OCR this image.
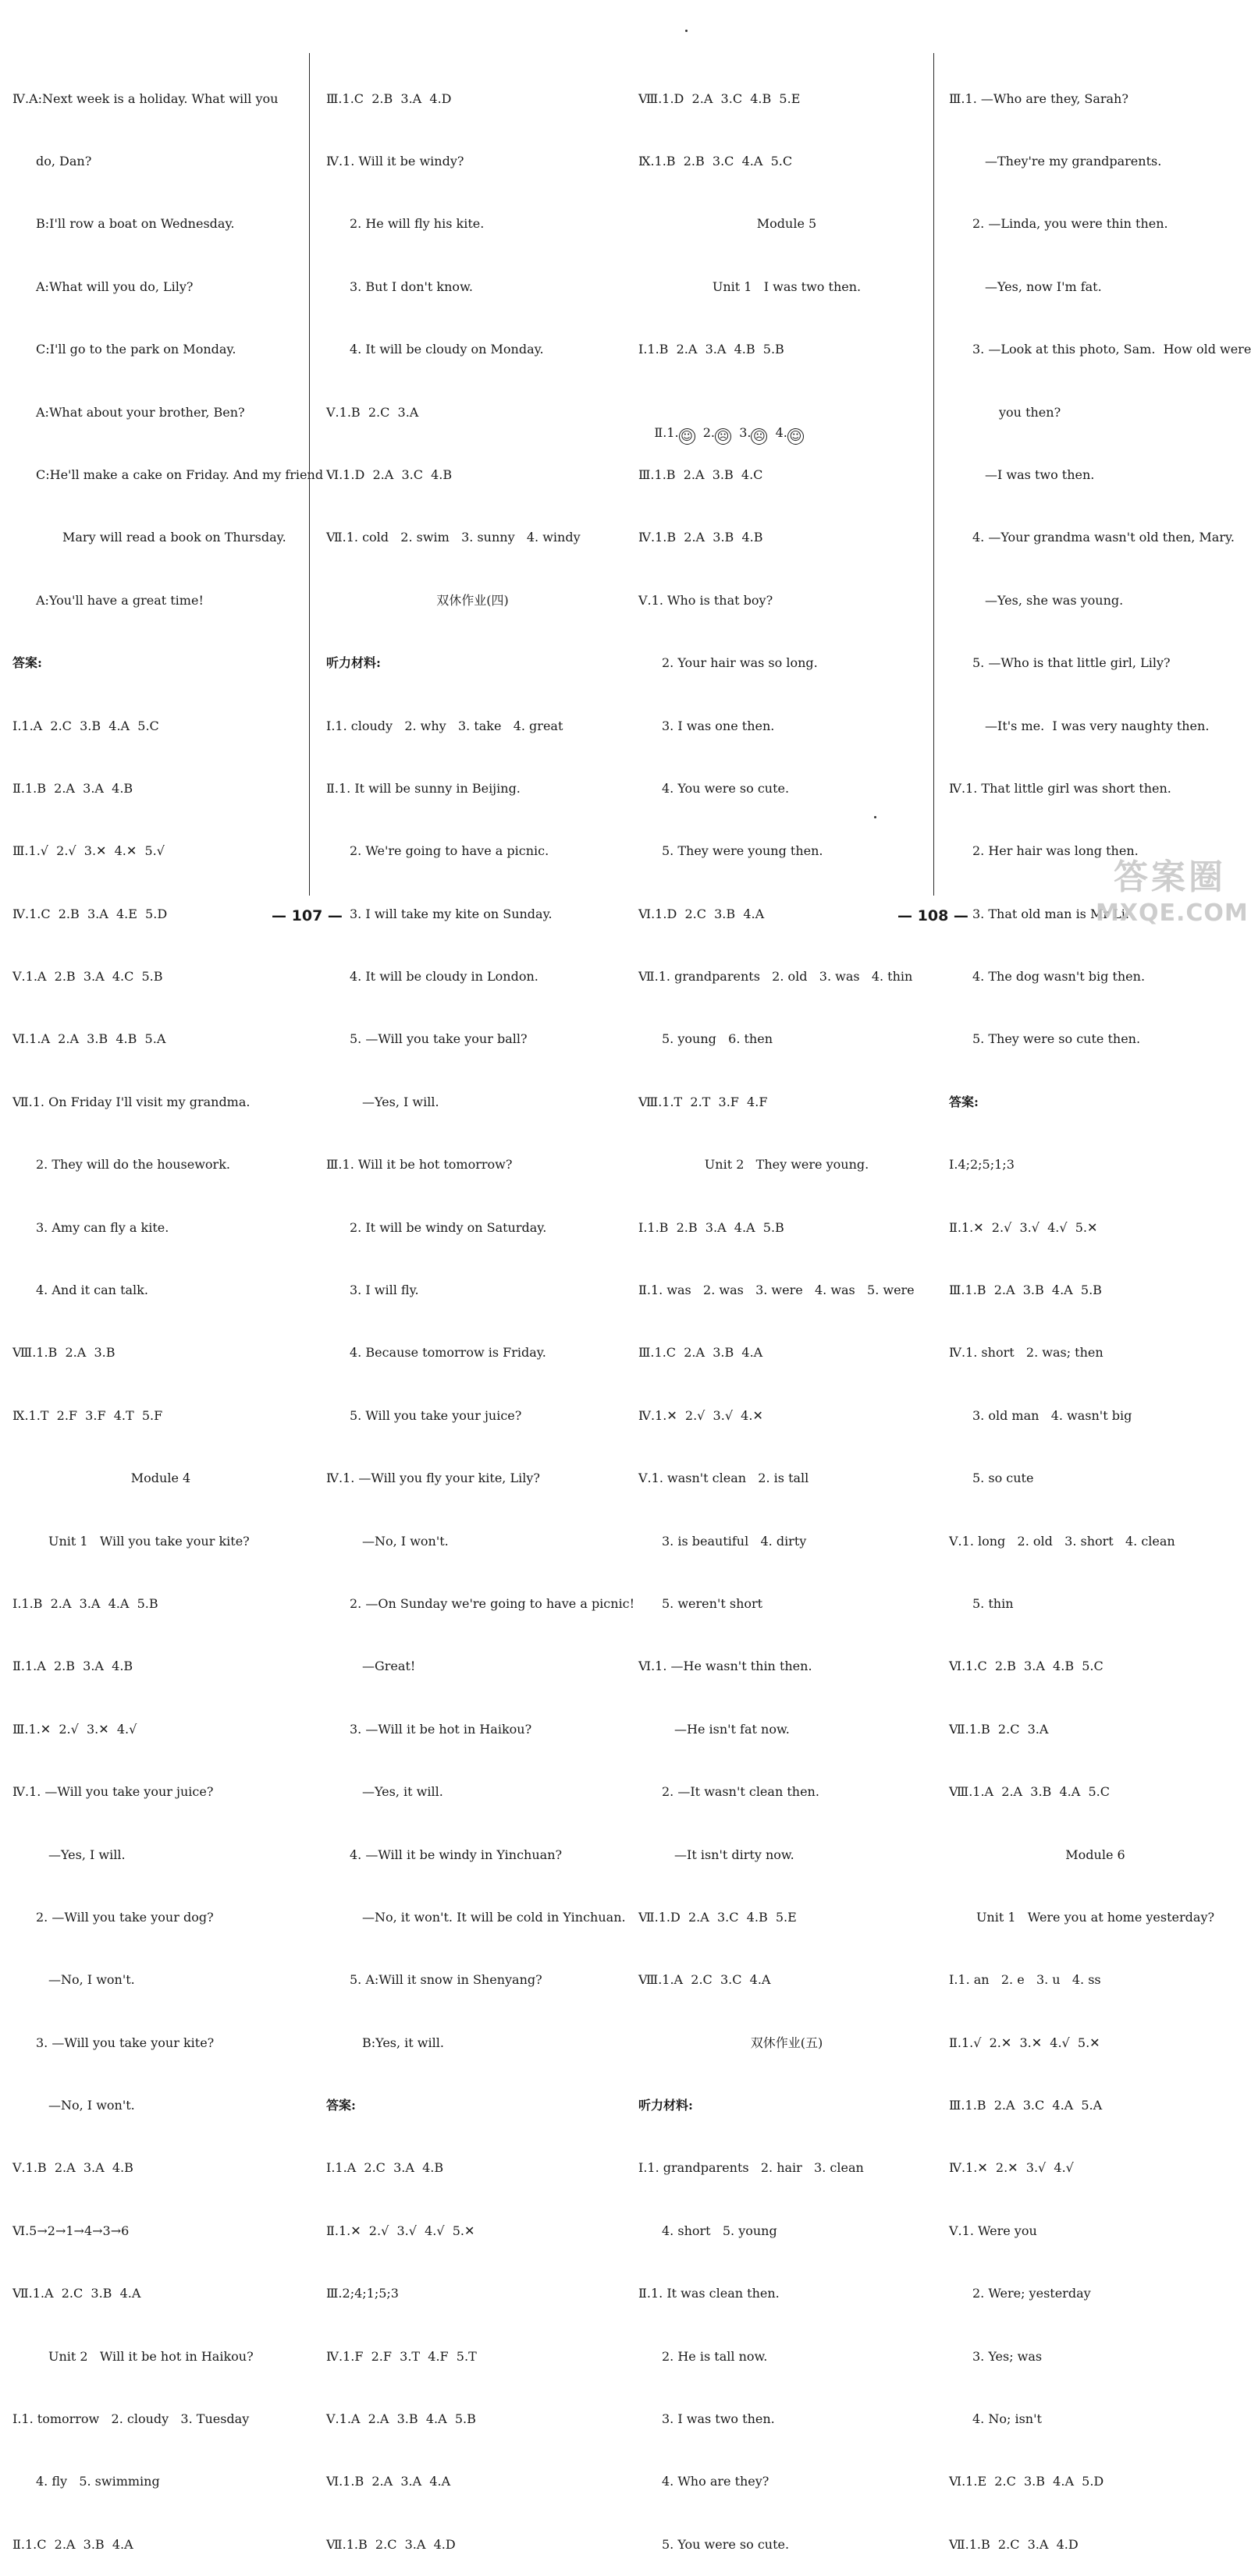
Ⅳ.A:Next week is a holiday. What will you

do, Dan?

B:I'll row a boat on Wednesday.

A:What will you do, Lily?

C:I'll go to the park on Monday.

A:What about your brother, Ben?

C:He'll make a cake on Friday. And my friend

Mary will read a book on Thursday.

A:You'll have a great time!

答案:

Ⅰ.1.A  2.C  3.B  4.A  5.C

Ⅱ.1.B  2.A  3.A  4.B

Ⅲ.1.√  2.√  3.✕  4.✕  5.√

Ⅳ.1.C  2.B  3.A  4.E  5.D

Ⅴ.1.A  2.B  3.A  4.C  5.B

Ⅵ.1.A  2.A  3.B  4.B  5.A

Ⅶ.1. On Friday I'll visit my grandma.

2. They will do the housework.

3. Amy can fly a kite.

4. And it can talk.

Ⅷ.1.B  2.A  3.B

Ⅸ.1.T  2.F  3.F  4.T  5.F

Module 4

Unit 1   Will you take your kite?

Ⅰ.1.B  2.A  3.A  4.A  5.B

Ⅱ.1.A  2.B  3.A  4.B

Ⅲ.1.✕  2.√  3.✕  4.√

Ⅳ.1. —Will you take your juice?

—Yes, I will.

2. —Will you take your dog?

—No, I won't.

3. —Will you take your kite?

—No, I won't.

Ⅴ.1.B  2.A  3.A  4.B

Ⅵ.5→2→1→4→3→6

Ⅶ.1.A  2.C  3.B  4.A

Unit 2   Will it be hot in Haikou?

Ⅰ.1. tomorrow   2. cloudy   3. Tuesday

4. fly   5. swimming

Ⅱ.1.C  2.A  3.B  4.A

Ⅲ.1.C  2.B  3.A  4.D

Ⅳ.1. Will it be windy?

2. He will fly his kite.

3. But I don't know.

4. It will be cloudy on Monday.

Ⅴ.1.B  2.C  3.A

Ⅵ.1.D  2.A  3.C  4.B

Ⅶ.1. cold   2. swim   3. sunny   4. windy

双休作业(四)

听力材料:

Ⅰ.1. cloudy   2. why   3. take   4. great

Ⅱ.1. It will be sunny in Beijing.

2. We're going to have a picnic.

3. I will take my kite on Sunday.

4. It will be cloudy in London.

5. —Will you take your ball?

—Yes, I will.

Ⅲ.1. Will it be hot tomorrow?

2. It will be windy on Saturday.

3. I will fly.

4. Because tomorrow is Friday.

5. Will you take your juice?

Ⅳ.1. —Will you fly your kite, Lily?

—No, I won't.

2. —On Sunday we're going to have a picnic!

—Great!

3. —Will it be hot in Haikou?

—Yes, it will.

4. —Will it be windy in Yinchuan?

—No, it won't. It will be cold in Yinchuan.

5. A:Will it snow in Shenyang?

B:Yes, it will.

答案:

Ⅰ.1.A  2.C  3.A  4.B

Ⅱ.1.✕  2.√  3.√  4.√  5.✕

Ⅲ.2;4;1;5;3

Ⅳ.1.F  2.F  3.T  4.F  5.T

Ⅴ.1.A  2.A  3.B  4.A  5.B

Ⅵ.1.B  2.A  3.A  4.A

Ⅶ.1.B  2.C  3.A  4.D

Ⅷ.1.D  2.A  3.C  4.B  5.E

Ⅸ.1.B  2.B  3.C  4.A  5.C

Module 5

Unit 1   I was two then.

Ⅰ.1.B  2.A  3.A  4.B  5.B

Ⅱ.1. ☺ 2. ☹ 3. ☹ 4. ☺

Ⅲ.1.B  2.A  3.B  4.C

Ⅳ.1.B  2.A  3.B  4.B

Ⅴ.1. Who is that boy?

2. Your hair was so long.

3. I was one then.

4. You were so cute.

5. They were young then.

Ⅵ.1.D  2.C  3.B  4.A

Ⅶ.1. grandparents   2. old   3. was   4. thin

5. young   6. then

Ⅷ.1.T  2.T  3.F  4.F

Unit 2   They were young.

Ⅰ.1.B  2.B  3.A  4.A  5.B

Ⅱ.1. was   2. was   3. were   4. was   5. were

Ⅲ.1.C  2.A  3.B  4.A

Ⅳ.1.✕  2.√  3.√  4.✕

Ⅴ.1. wasn't clean   2. is tall

3. is beautiful   4. dirty

5. weren't short

Ⅵ.1. —He wasn't thin then.

—He isn't fat now.

2. —It wasn't clean then.

—It isn't dirty now.

Ⅶ.1.D  2.A  3.C  4.B  5.E

Ⅷ.1.A  2.C  3.C  4.A

双休作业(五)

听力材料:

Ⅰ.1. grandparents   2. hair   3. clean

4. short   5. young

Ⅱ.1. It was clean then.

2. He is tall now.

3. I was two then.

4. Who are they?

5. You were so cute.

Ⅲ.1. —Who are they, Sarah?

—They're my grandparents.

2. —Linda, you were thin then.

—Yes, now I'm fat.

3. —Look at this photo, Sam.  How old were

you then?

—I was two then.

4. —Your grandma wasn't old then, Mary.

—Yes, she was young.

5. —Who is that little girl, Lily?

—It's me.  I was very naughty then.

Ⅳ.1. That little girl was short then.

2. Her hair was long then.

3. That old man is Mr Li.

4. The dog wasn't big then.

5. They were so cute then.

答案:

Ⅰ.4;2;5;1;3

Ⅱ.1.✕  2.√  3.√  4.√  5.✕

Ⅲ.1.B  2.A  3.B  4.A  5.B

Ⅳ.1. short   2. was; then

3. old man   4. wasn't big

5. so cute

Ⅴ.1. long   2. old   3. short   4. clean

5. thin

Ⅵ.1.C  2.B  3.A  4.B  5.C

Ⅶ.1.B  2.C  3.A

Ⅷ.1.A  2.A  3.B  4.A  5.C

Module 6

Unit 1   Were you at home yesterday?

Ⅰ.1. an   2. e   3. u   4. ss

Ⅱ.1.√  2.✕  3.✕  4.√  5.✕

Ⅲ.1.B  2.A  3.C  4.A  5.A

Ⅳ.1.✕  2.✕  3.√  4.√

Ⅴ.1. Were you

2. Were; yesterday

3. Yes; was

4. No; isn't

Ⅵ.1.E  2.C  3.B  4.A  5.D

Ⅶ.1.B  2.C  3.A  4.D

— 107 —	— 108 —
答案圈
MXQE.COM
